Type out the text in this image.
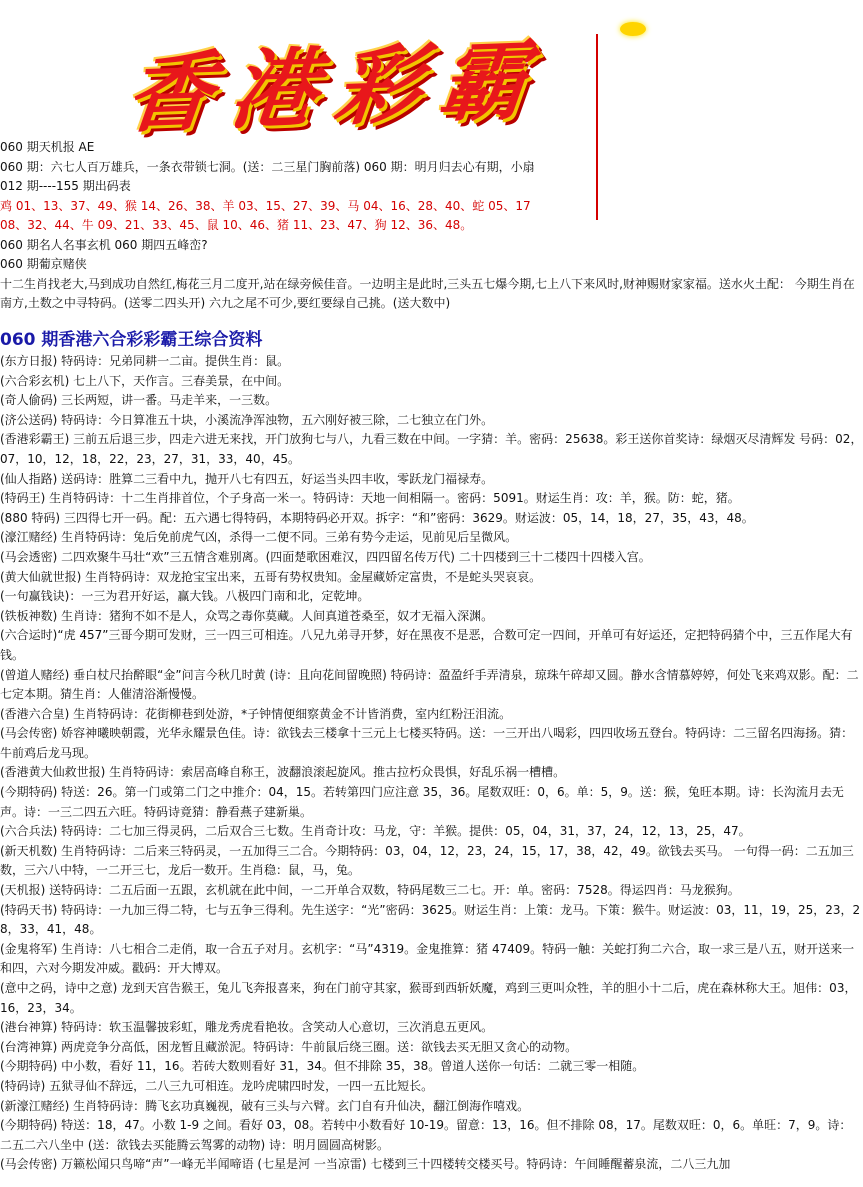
香港彩霸

060 期天机报 AE

060 期：六七人百万雄兵，一条衣带锁七洞。(送：二三星门胸前落) 060 期：明月归去心有期，小扇

012 期----155 期出码表

鸡 01、13、37、49、猴 14、26、38、羊 03、15、27、39、马 04、16、28、40、蛇 05、17

08、32、44、牛 09、21、33、45、鼠 10、46、猪 11、23、47、狗 12、36、48。

060 期名人名事玄机 060 期四五峰峦?

060 期葡京赌侠

十二生肖找老大,马到成功自然红,梅花三月二度开,站在绿旁候佳音。一边明主是此时,三头五七爆今期,七上八下来风时,财神赐财家家福。送水火土配： 今期生肖在南方,土数之中寻特码。(送零二四头开) 六九之尾不可少,要红要绿自己挑。(送大数中)

060 期香港六合彩彩霸王综合资料

(东方日报) 特码诗：兄弟同耕一二亩。提供生肖：鼠。

(六合彩玄机) 七上八下，天作言。三春美景，在中间。

(奇人偷码) 三长两短，讲一番。马走羊来，一三数。

(济公送码) 特码诗：今日算准五十块，小溪流净浑浊物，五六刚好被三除，二七独立在门外。

(香港彩霸王) 三前五后退三步，四走六进无来找，开门放狗七与八，九看三数在中间。一字猜：羊。密码：25638。彩王送你首奖诗：绿烟灭尽清辉发 号码：02，07，10，12，18，22，23，27，31，33，40，45。

(仙人指路) 送码诗：胜算二三看中九，抛开八七有四五，好运当头四丰收，零跃龙门福禄寿。

(特码王) 生肖特码诗：十二生肖排首位，个子身高一米一。特码诗：天地一间相隔一。密码：5091。财运生肖：攻：羊，猴。防：蛇，猪。

(880 特码) 三四得七开一码。配：五六遇七得特码，本期特码必开双。拆字：“和”密码：3629。财运波：05，14，18，27，35，43，48。

(濠江赌经) 生肖特码诗：兔后免前虎气凶，杀得一二便不同。三弟有势今走运，见前见后呈微风。

(马会透密) 二四欢聚牛马壮“欢”三五情含难别离。(四面楚歌困难汉，四四留名传万代) 二十四楼到三十二楼四十四楼入宫。

(黄大仙就世报) 生肖特码诗：双龙抢宝宝出来，五哥有势权贵知。金屋藏娇定富贵，不是蛇头哭哀哀。

(一句赢钱诀)：一三为君开好运，赢大钱。八极四门南和北，定乾坤。

(铁板神数) 生肖诗：猪狗不如不是人，众骂之毒你莫藏。人间真道苍桑至，奴才无福入深渊。

(六合运时)“虎 457”三哥今期可发财，三一四三可相连。八兄九弟寻开梦，好在黑夜不是恶，合数可定一四间，开单可有好运还，定把特码猜个中，三五作尾大有钱。

(曾道人赌经) 垂白杖尺抬醉眼“金”问言今秋几时黄 (诗：且向花间留晚照) 特码诗：盈盈纤手弄清泉，琼珠午碎却又圆。静水含情慕婷婷，何处飞来鸡双影。配：二七定本期。猜生肖：人催清浴渐慢慢。

(香港六合皇) 生肖特码诗：花街柳巷到处游，*子钟情便细察黄金不计皆消费，室内红粉汪泪流。

(马会传密) 娇容神曦映朝霞，光华永耀景色佳。诗：欲钱去三楼拿十三元上七楼买特码。送：一三开出八喝彩，四四收场五登台。特码诗：二三留名四海扬。猜：牛前鸡后龙马现。

(香港黄大仙救世报) 生肖特码诗：索居高峰自称王，波翻浪滚起旋风。推古拉朽众畏惧，好乱乐祸一槽槽。

(今期特码) 特送：26。第一门或第二门之中推介：04，15。若转第四门应注意 35，36。尾数双旺：0，6。单：5，9。送：猴，兔旺本期。诗：长沟流月去无声。诗：一三二四五六旺。特码诗竟猜：静看燕子建新巢。

(六合兵法) 特码诗：二七加三得灵码，二后双合三七数。生肖奇计攻：马龙，守：羊猴。提供：05，04，31，37，24，12，13，25，47。

(新天机数) 生肖特码诗：二后来三特码灵，一五加得三二合。今期特码：03，04，12，23，24，15，17，38，42，49。欲钱去买马。 一句得一码：二五加三数，三六八中特，一二开三七，龙后一数开。生肖稳：鼠，马，兔。

(天机报) 送特码诗：二五后面一五跟，玄机就在此中间，一二开单合双数，特码尾数三二七。开：单。密码：7528。得运四肖：马龙猴狗。

(特码天书) 特码诗：一九加三得二特，七与五争三得利。先生送字：“光”密码：3625。财运生肖：上策：龙马。下策：猴牛。财运波：03，11，19，25，23，28，33，41，48。

(金鬼将军) 生肖诗：八七相合二走俏，取一合五子对月。玄机字：“马”4319。金鬼推算：猪 47409。特码一触：关蛇打狗二六合，取一求三是八五，财开送来一和四，六对今期发冲威。戳码：开大博双。

(意中之码，诗中之意) 龙到天宫告猴王，兔儿飞奔报喜来，狗在门前守其家，猴哥到西斩妖魔，鸡到三更叫众牲，羊的胆小十二后，虎在森林称大王。旭伟：03，16，23，34。

(港台神算) 特码诗：软玉温馨披彩虹，雕龙秀虎看艳妆。含笑动人心意切，三次消息五更风。

(台湾神算) 两虎竞争分高低，困龙暂且藏淤泥。特码诗：牛前鼠后绕三圈。送：欲钱去买无胆又贪心的动物。

(今期特码) 中小数，看好 11，16。若砖大数则看好 31，34。但不排除 35，38。曾道人送你一句话：二就三零一相随。

(特码诗) 五狱寻仙不辞远，二八三九可相连。龙吟虎啸四时发，一四一五比短长。

(新濠江赌经) 生肖特码诗：腾飞玄功真巍视，破有三头与六臂。玄门自有升仙决，翻江倒海作嘻戏。

(今期特码) 特送：18，47。小数 1-9 之间。看好 03，08。若转中小数看好 10-19。留意：13，16。但不排除 08，17。尾数双旺：0，6。单旺：7，9。诗：二五二六八坐中 (送：欲钱去买能腾云驾雾的动物) 诗：明月圆圆高树影。

(马会传密) 万籁松闻只鸟啼“声”一峰无半闻啼语 (七星是河 一当凉雷) 七楼到三十四楼转交楼买号。特码诗：午间睡醒蓄泉流，二八三九加
